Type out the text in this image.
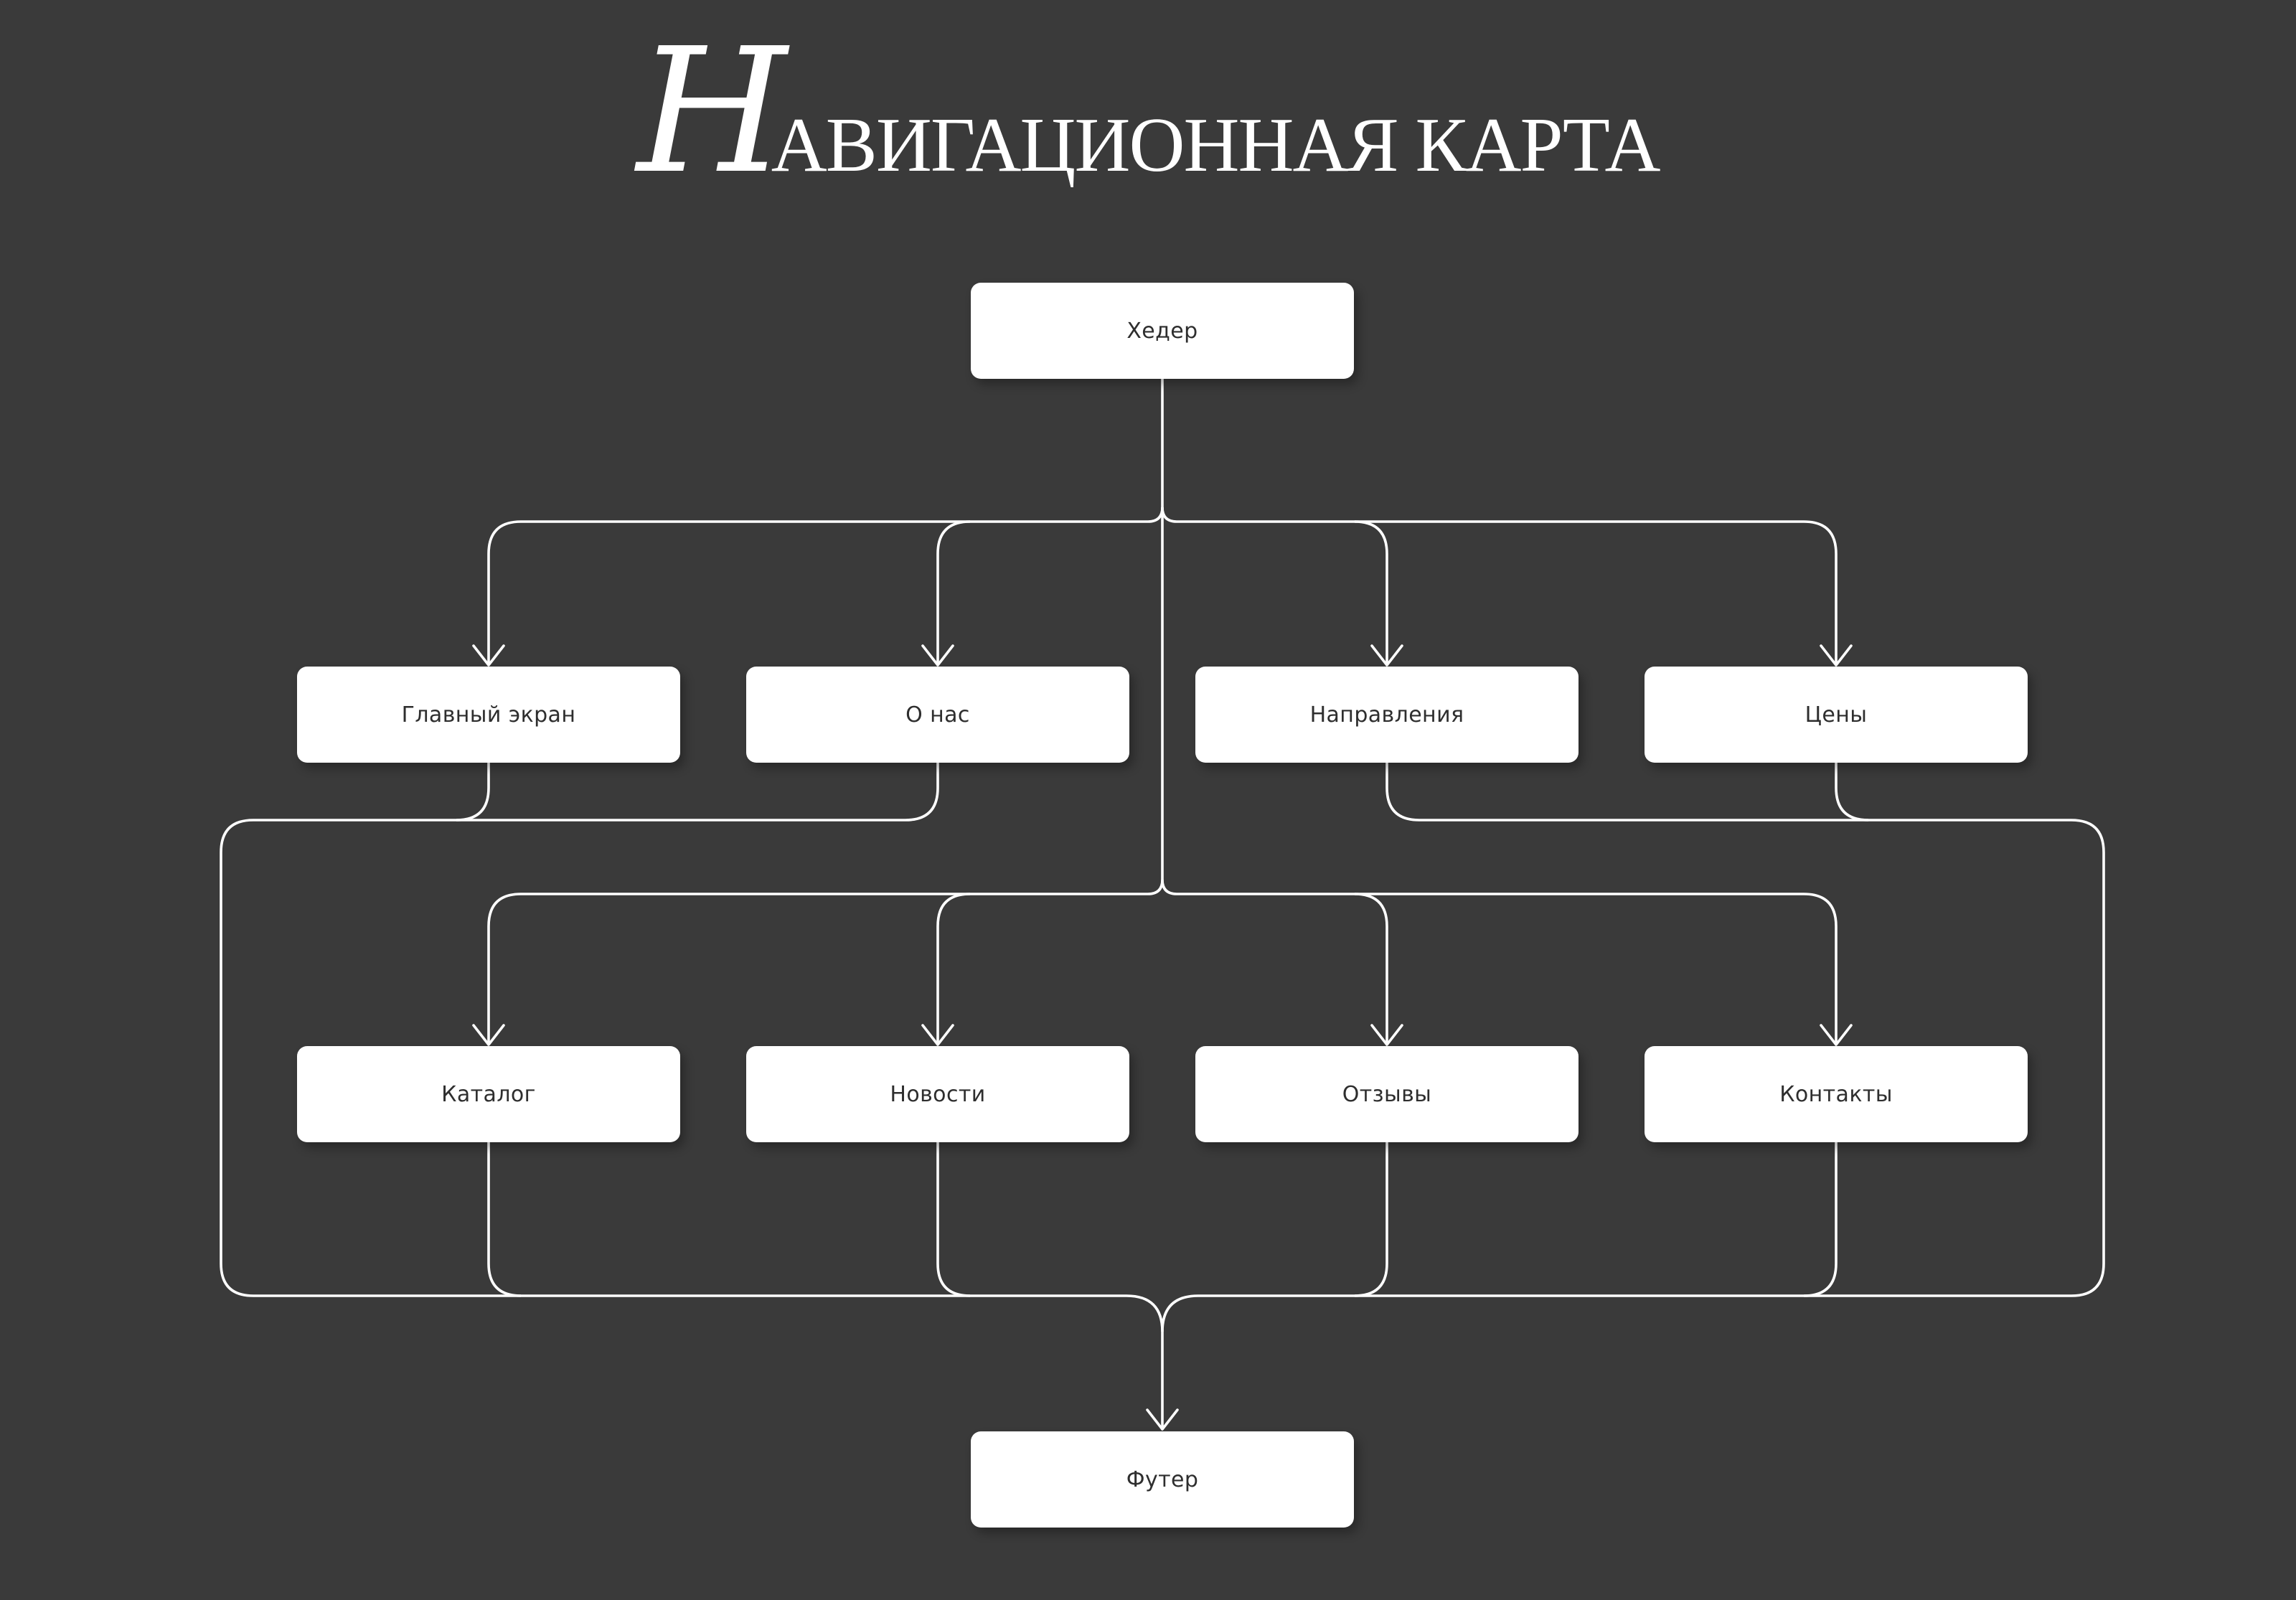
НАВИГАЦИОННАЯ КАРТА
Хедер
Главный экран	О нас	Направления	Цены
Каталог	Новости	Отзывы	Контакты
Футер
